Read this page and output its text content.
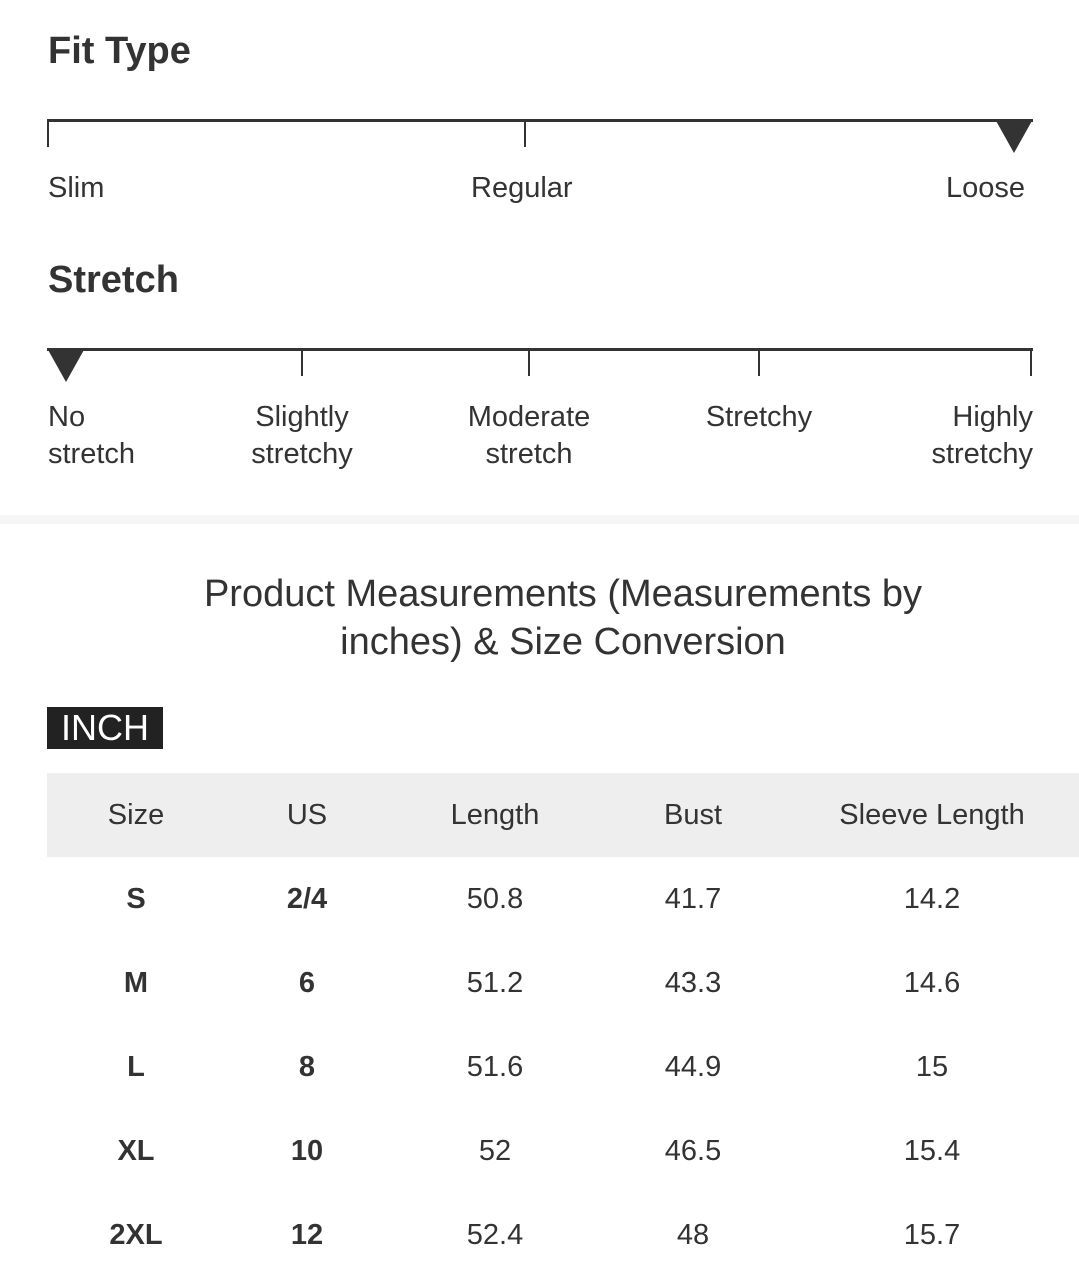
Fit Type
Slim	Regular	Loose
Stretch
No
stretch
Slightly
stretchy
Moderate
stretch
Stretchy	Highly
stretchy
Product Measurements (Measurements by
inches) & Size Conversion
INCH
Size	US	Length	Bust	Sleeve Length
S	2/4	50.8	41.7	14.2
M	6	51.2	43.3	14.6
L	8	51.6	44.9	15
XL	10	52	46.5	15.4
2XL	12	52.4	48	15.7
